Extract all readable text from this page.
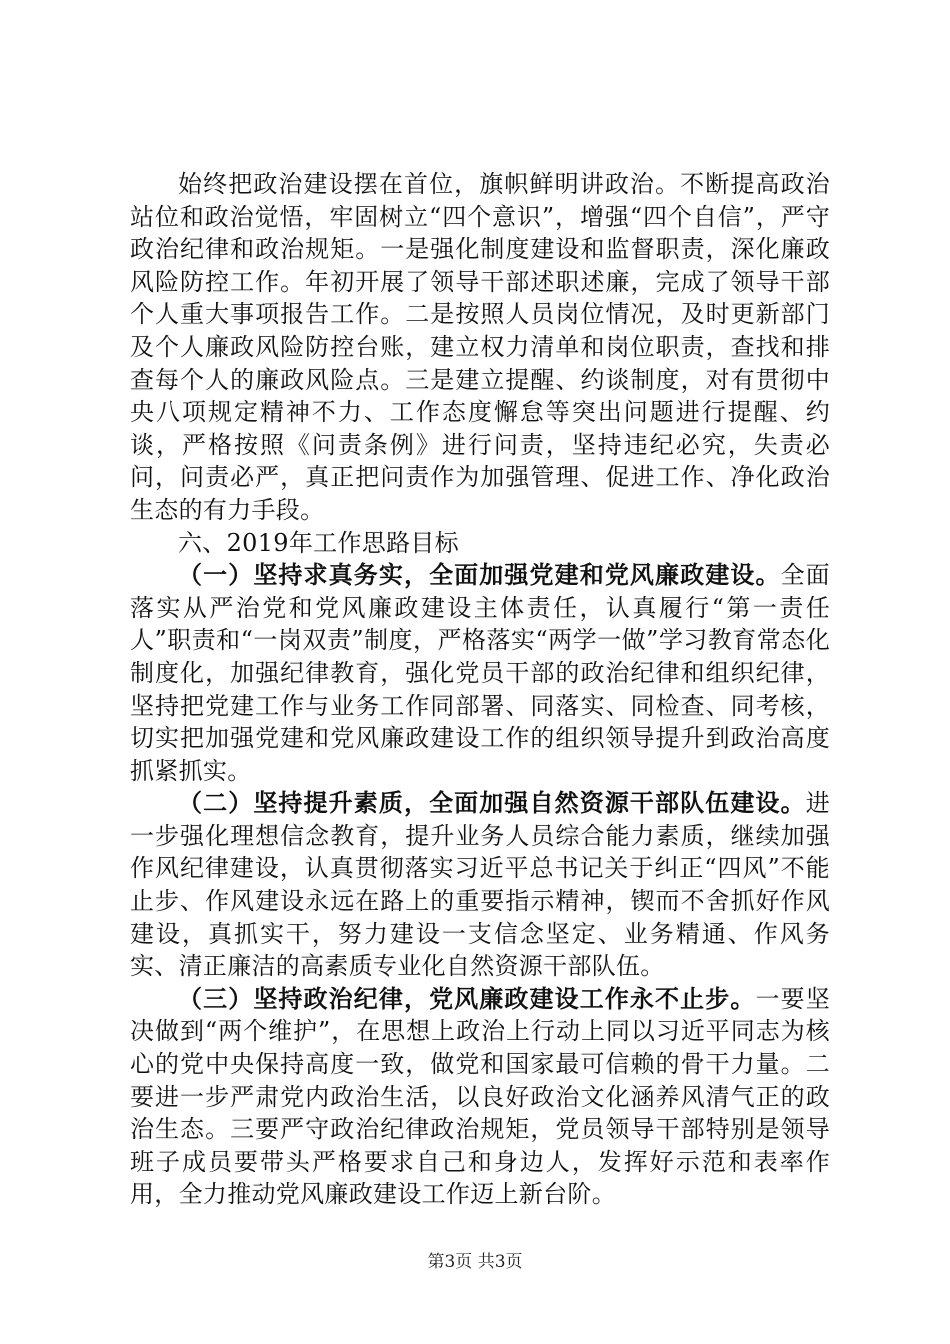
始终把政治建设摆在首位，旗帜鲜明讲政治。不断提高政治站位和政治觉悟，牢固树立“四个意识”，增强“四个自信”，严守政治纪律和政治规矩。一是强化制度建设和监督职责，深化廉政风险防控工作。年初开展了领导干部述职述廉，完成了领导干部个人重大事项报告工作。二是按照人员岗位情况，及时更新部门及个人廉政风险防控台账，建立权力清单和岗位职责，查找和排查每个人的廉政风险点。三是建立提醒、约谈制度，对有贯彻中央八项规定精神不力、工作态度懈怠等突出问题进行提醒、约谈，严格按照《问责条例》进行问责，坚持违纪必究，失责必问，问责必严，真正把问责作为加强管理、促进工作、净化政治生态的有力手段。

六、2019年工作思路目标

（一）坚持求真务实，全面加强党建和党风廉政建设。全面落实从严治党和党风廉政建设主体责任，认真履行“第一责任人”职责和“一岗双责”制度，严格落实“两学一做”学习教育常态化制度化，加强纪律教育，强化党员干部的政治纪律和组织纪律，坚持把党建工作与业务工作同部署、同落实、同检查、同考核，切实把加强党建和党风廉政建设工作的组织领导提升到政治高度抓紧抓实。

（二）坚持提升素质，全面加强自然资源干部队伍建设。进一步强化理想信念教育，提升业务人员综合能力素质，继续加强作风纪律建设，认真贯彻落实习近平总书记关于纠正“四风”不能止步、作风建设永远在路上的重要指示精神，锲而不舍抓好作风建设，真抓实干，努力建设一支信念坚定、业务精通、作风务实、清正廉洁的高素质专业化自然资源干部队伍。

（三）坚持政治纪律，党风廉政建设工作永不止步。一要坚决做到“两个维护”，在思想上政治上行动上同以习近平同志为核心的党中央保持高度一致，做党和国家最可信赖的骨干力量。二要进一步严肃党内政治生活，以良好政治文化涵养风清气正的政治生态。三要严守政治纪律政治规矩，党员领导干部特别是领导班子成员要带头严格要求自己和身边人，发挥好示范和表率作用，全力推动党风廉政建设工作迈上新台阶。

第3页 共3页
